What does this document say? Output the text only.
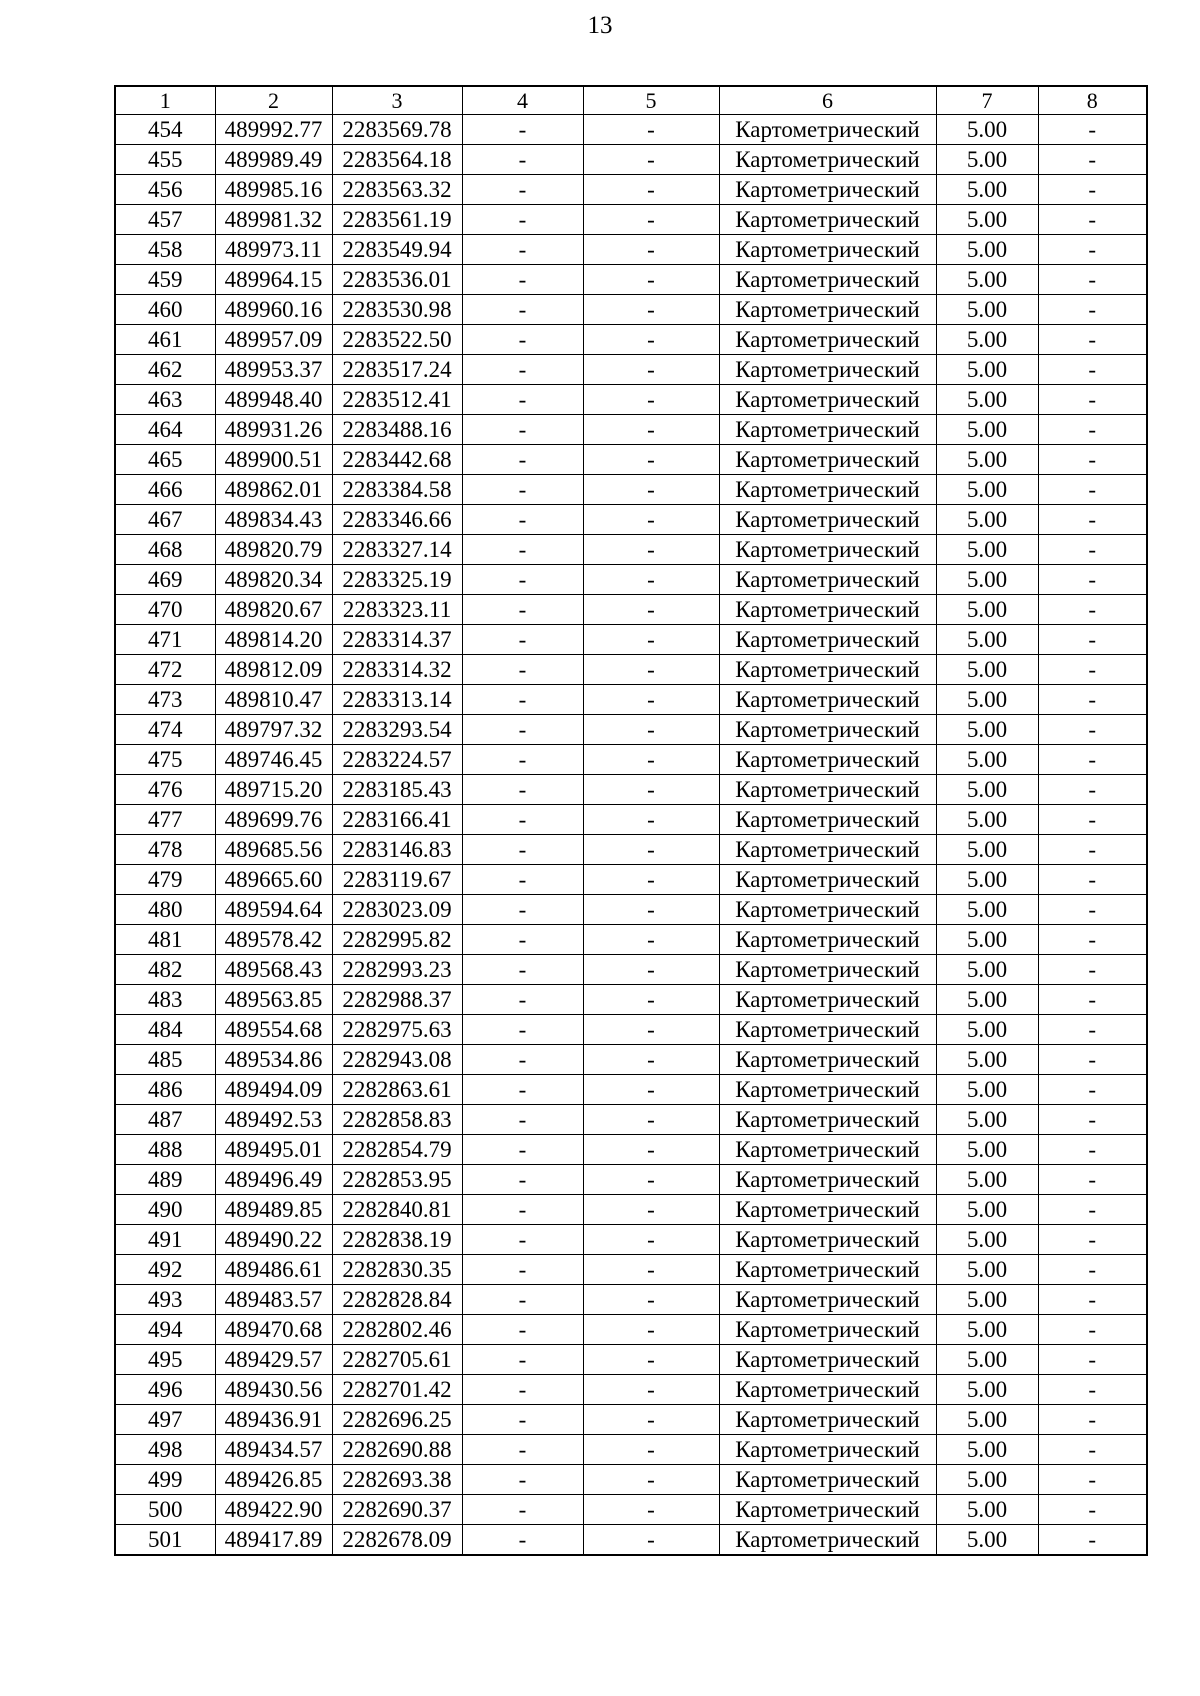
13
1	2	3	4	5	6	7	8
454	489992.77	2283569.78	-	-	Картометрический	5.00	-
455	489989.49	2283564.18	-	-	Картометрический	5.00	-
456	489985.16	2283563.32	-	-	Картометрический	5.00	-
457	489981.32	2283561.19	-	-	Картометрический	5.00	-
458	489973.11	2283549.94	-	-	Картометрический	5.00	-
459	489964.15	2283536.01	-	-	Картометрический	5.00	-
460	489960.16	2283530.98	-	-	Картометрический	5.00	-
461	489957.09	2283522.50	-	-	Картометрический	5.00	-
462	489953.37	2283517.24	-	-	Картометрический	5.00	-
463	489948.40	2283512.41	-	-	Картометрический	5.00	-
464	489931.26	2283488.16	-	-	Картометрический	5.00	-
465	489900.51	2283442.68	-	-	Картометрический	5.00	-
466	489862.01	2283384.58	-	-	Картометрический	5.00	-
467	489834.43	2283346.66	-	-	Картометрический	5.00	-
468	489820.79	2283327.14	-	-	Картометрический	5.00	-
469	489820.34	2283325.19	-	-	Картометрический	5.00	-
470	489820.67	2283323.11	-	-	Картометрический	5.00	-
471	489814.20	2283314.37	-	-	Картометрический	5.00	-
472	489812.09	2283314.32	-	-	Картометрический	5.00	-
473	489810.47	2283313.14	-	-	Картометрический	5.00	-
474	489797.32	2283293.54	-	-	Картометрический	5.00	-
475	489746.45	2283224.57	-	-	Картометрический	5.00	-
476	489715.20	2283185.43	-	-	Картометрический	5.00	-
477	489699.76	2283166.41	-	-	Картометрический	5.00	-
478	489685.56	2283146.83	-	-	Картометрический	5.00	-
479	489665.60	2283119.67	-	-	Картометрический	5.00	-
480	489594.64	2283023.09	-	-	Картометрический	5.00	-
481	489578.42	2282995.82	-	-	Картометрический	5.00	-
482	489568.43	2282993.23	-	-	Картометрический	5.00	-
483	489563.85	2282988.37	-	-	Картометрический	5.00	-
484	489554.68	2282975.63	-	-	Картометрический	5.00	-
485	489534.86	2282943.08	-	-	Картометрический	5.00	-
486	489494.09	2282863.61	-	-	Картометрический	5.00	-
487	489492.53	2282858.83	-	-	Картометрический	5.00	-
488	489495.01	2282854.79	-	-	Картометрический	5.00	-
489	489496.49	2282853.95	-	-	Картометрический	5.00	-
490	489489.85	2282840.81	-	-	Картометрический	5.00	-
491	489490.22	2282838.19	-	-	Картометрический	5.00	-
492	489486.61	2282830.35	-	-	Картометрический	5.00	-
493	489483.57	2282828.84	-	-	Картометрический	5.00	-
494	489470.68	2282802.46	-	-	Картометрический	5.00	-
495	489429.57	2282705.61	-	-	Картометрический	5.00	-
496	489430.56	2282701.42	-	-	Картометрический	5.00	-
497	489436.91	2282696.25	-	-	Картометрический	5.00	-
498	489434.57	2282690.88	-	-	Картометрический	5.00	-
499	489426.85	2282693.38	-	-	Картометрический	5.00	-
500	489422.90	2282690.37	-	-	Картометрический	5.00	-
501	489417.89	2282678.09	-	-	Картометрический	5.00	-
